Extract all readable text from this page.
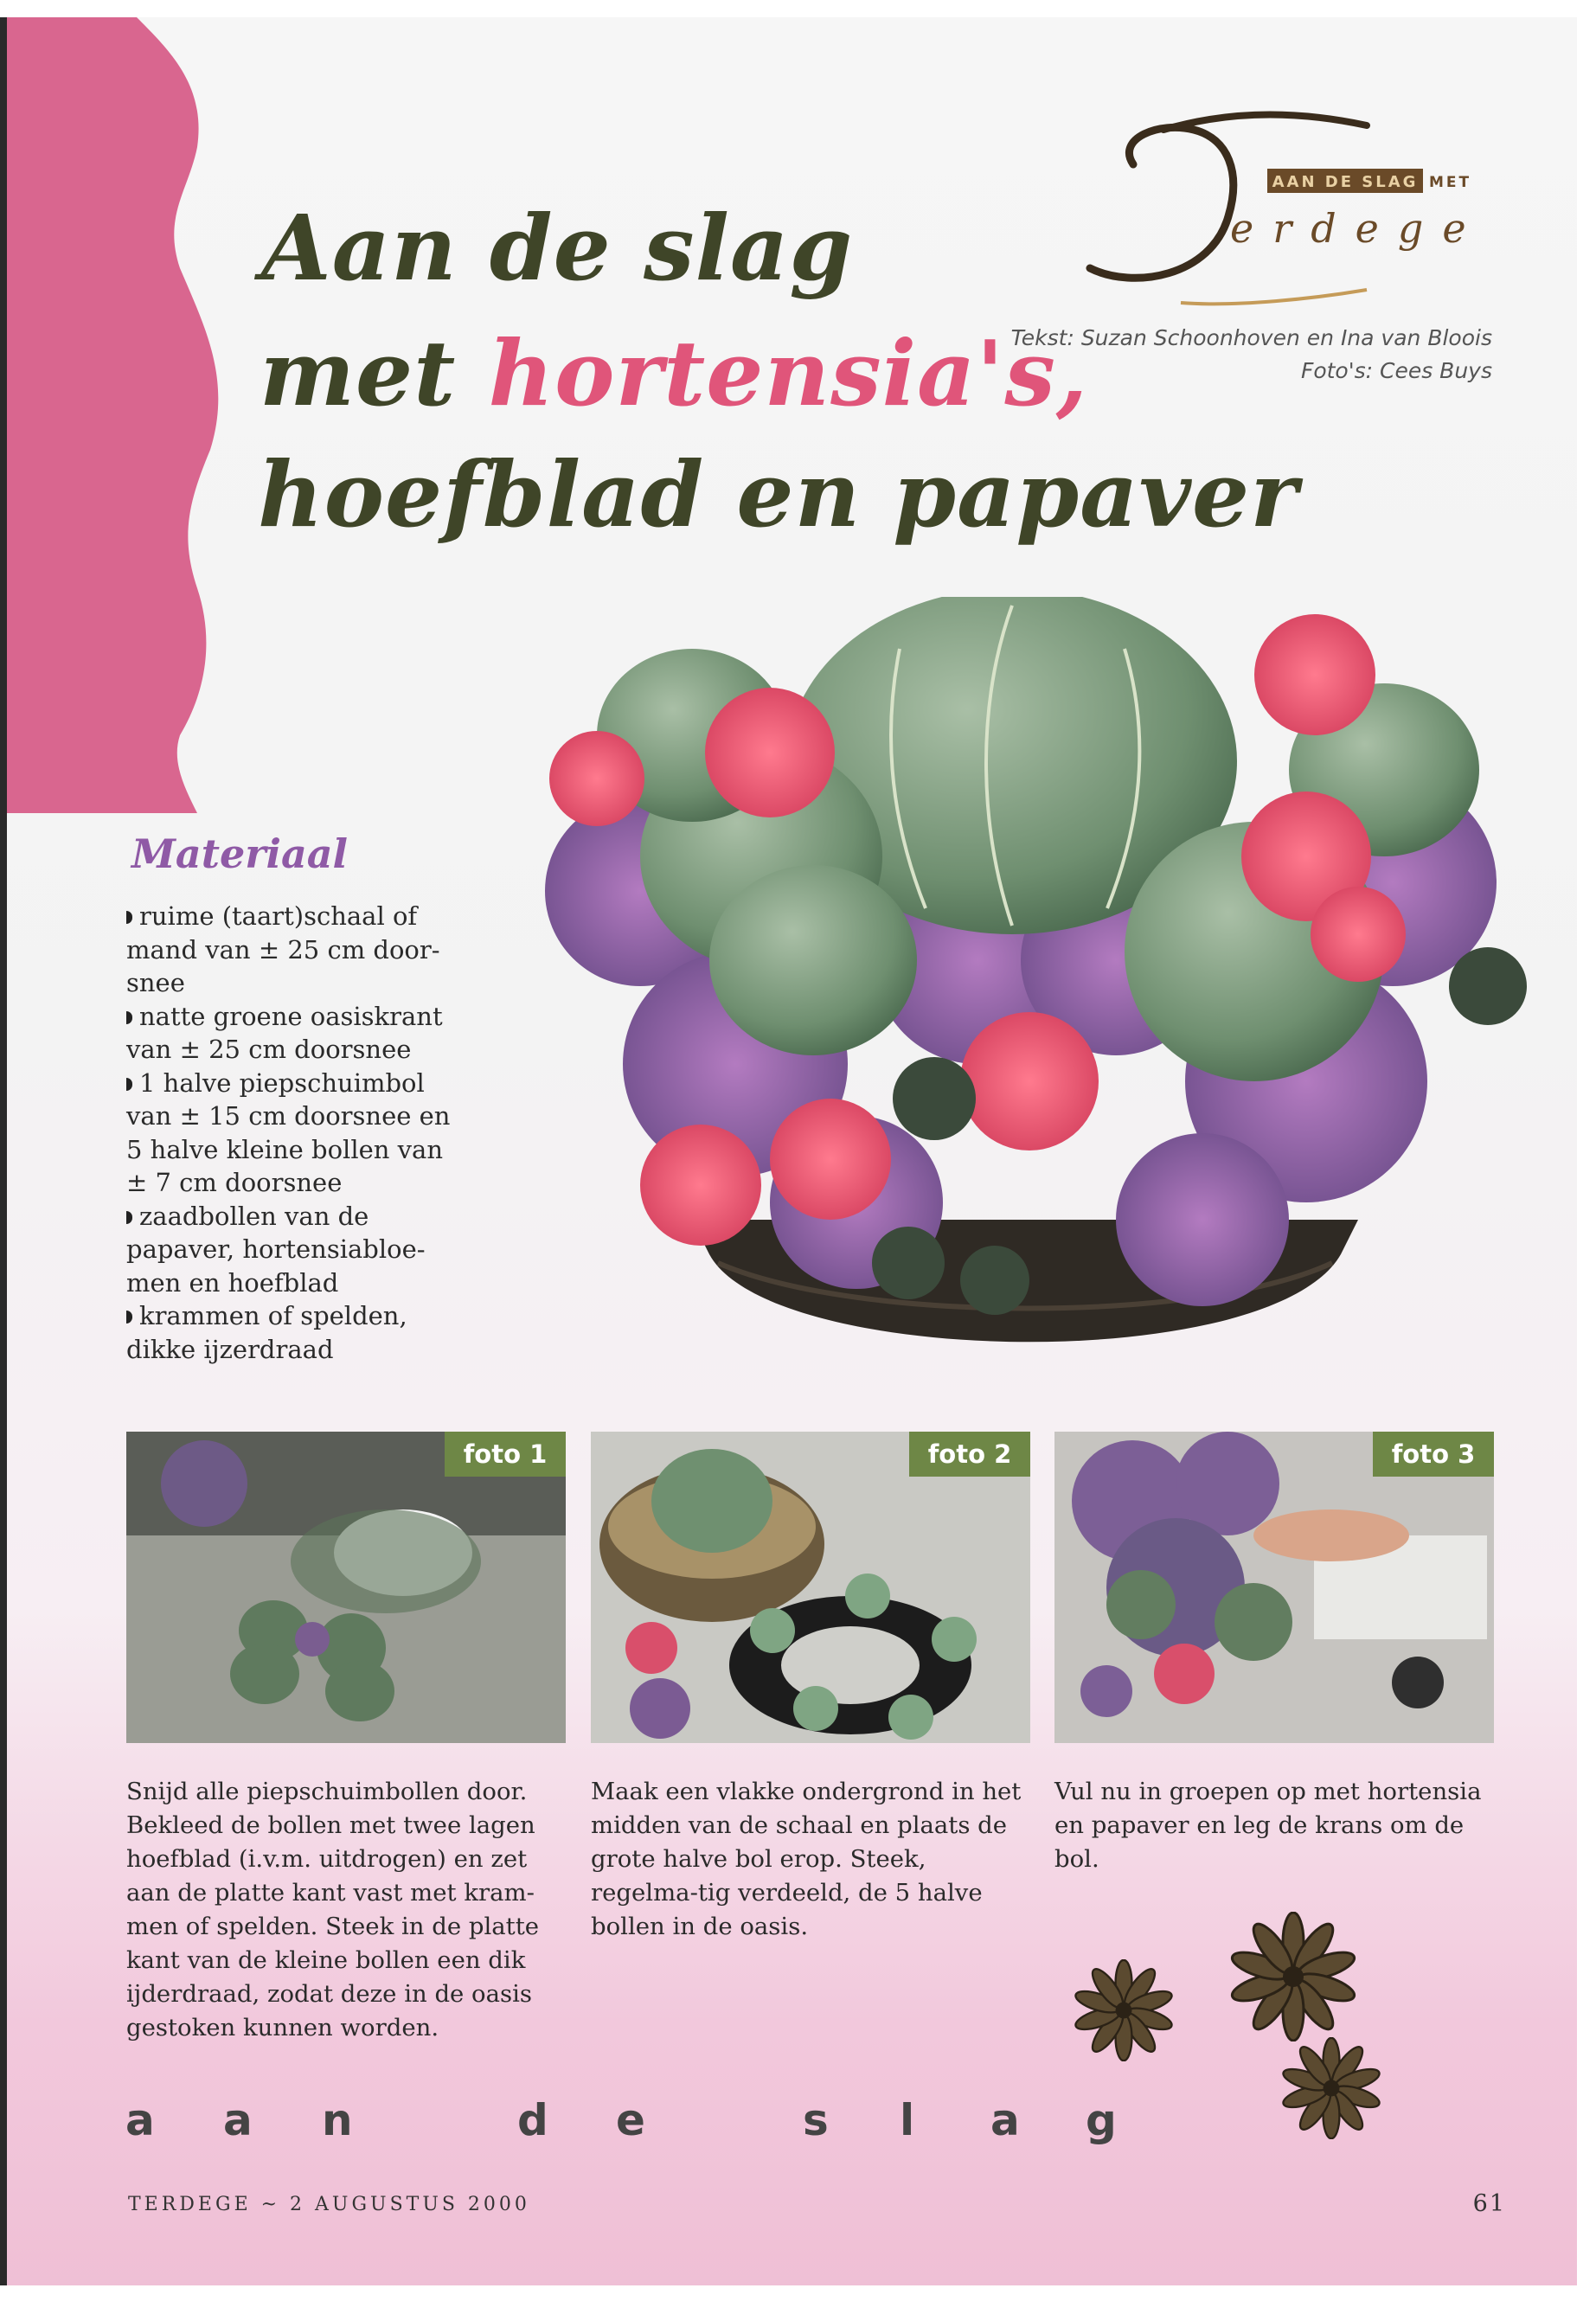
Aan de slag
met hortensia's,
hoefblad en papaver
AAN DE SLAG MET
erdege
Tekst: Suzan Schoonhoven en Ina van Bloois
Foto's: Cees Buys
Materiaal
ruime (taart)schaal of mand van ± 25 cm door-snee
natte groene oasiskrant van ± 25 cm doorsnee
1 halve piepschuimbol van ± 15 cm doorsnee en 5 halve kleine bollen van ± 7 cm doorsnee
zaadbollen van de papaver, hortensiabloe-men en hoefblad
krammen of spelden, dikke ijzerdraad
foto 1	foto 2	foto 3
Snijd alle piepschuimbollen door. Bekleed de bollen met twee lagen hoefblad (i.v.m. uitdrogen) en zet aan de platte kant vast met kram-men of spelden. Steek in de platte kant van de kleine bollen een dik ijderdraad, zodat deze in de oasis gestoken kunnen worden.
Maak een vlakke ondergrond in het midden van de schaal en plaats de grote halve bol erop. Steek, regelma-tig verdeeld, de 5 halve bollen in de oasis.
Vul nu in groepen op met hortensia en papaver en leg de krans om de bol.
a a n	d e	s l a g
TERDEGE ~ 2 AUGUSTUS 2000	61
